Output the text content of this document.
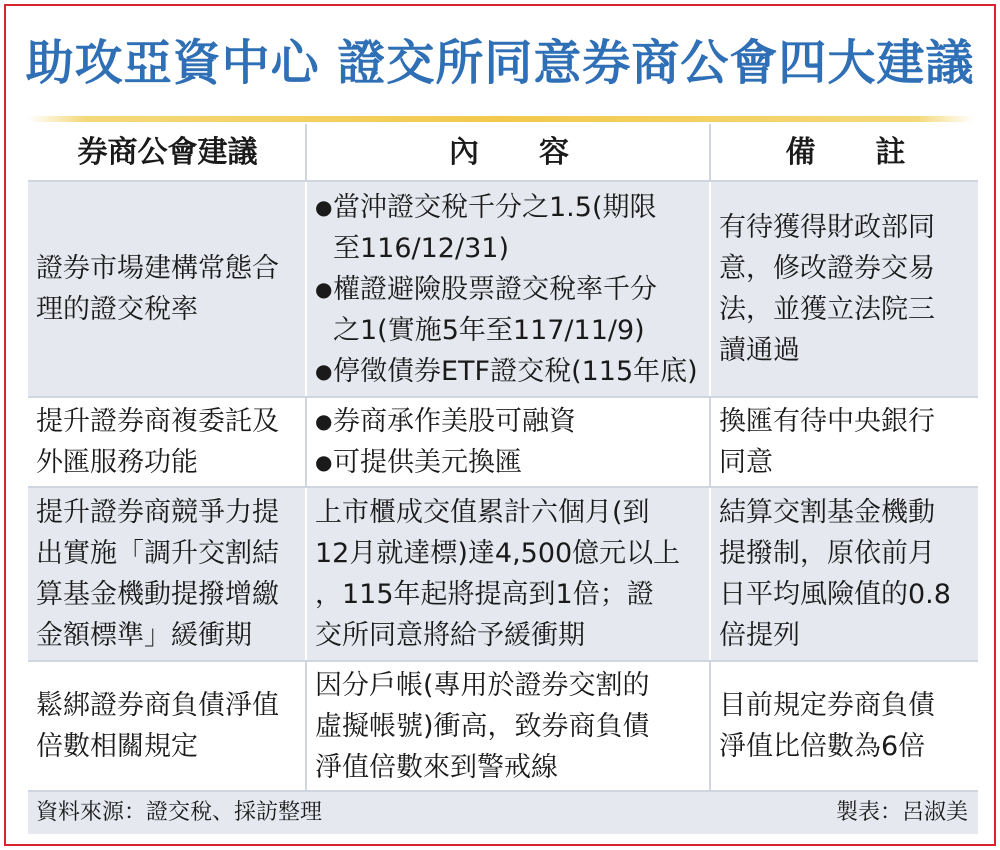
助攻亞資中心 證交所同意券商公會四大建議
券商公會建議	內　　容	備　　註

證券市場建構常態合
理的證交稅率	●當沖證交稅千分之1.5(期限
至116/12/31)
●權證避險股票證交稅率千分
之1(實施5年至117/11/9)
●停徵債券ETF證交稅(115年底)	有待獲得財政部同
意，修改證券交易
法，並獲立法院三
讀通過

提升證券商複委託及
外匯服務功能	●券商承作美股可融資
●可提供美元換匯	換匯有待中央銀行
同意

提升證券商競爭力提
出實施「調升交割結
算基金機動提撥增繳
金額標準」緩衝期	上市櫃成交值累計六個月(到
12月就達標)達4,500億元以上
，115年起將提高到1倍；證
交所同意將給予緩衝期	結算交割基金機動
提撥制，原依前月
日平均風險值的0.8
倍提列

鬆綁證券商負債淨值
倍數相關規定	因分戶帳(專用於證券交割的
虛擬帳號)衝高，致券商負債
淨值倍數來到警戒線	目前規定券商負債
淨值比倍數為6倍
資料來源：證交稅、採訪整理	製表：呂淑美
